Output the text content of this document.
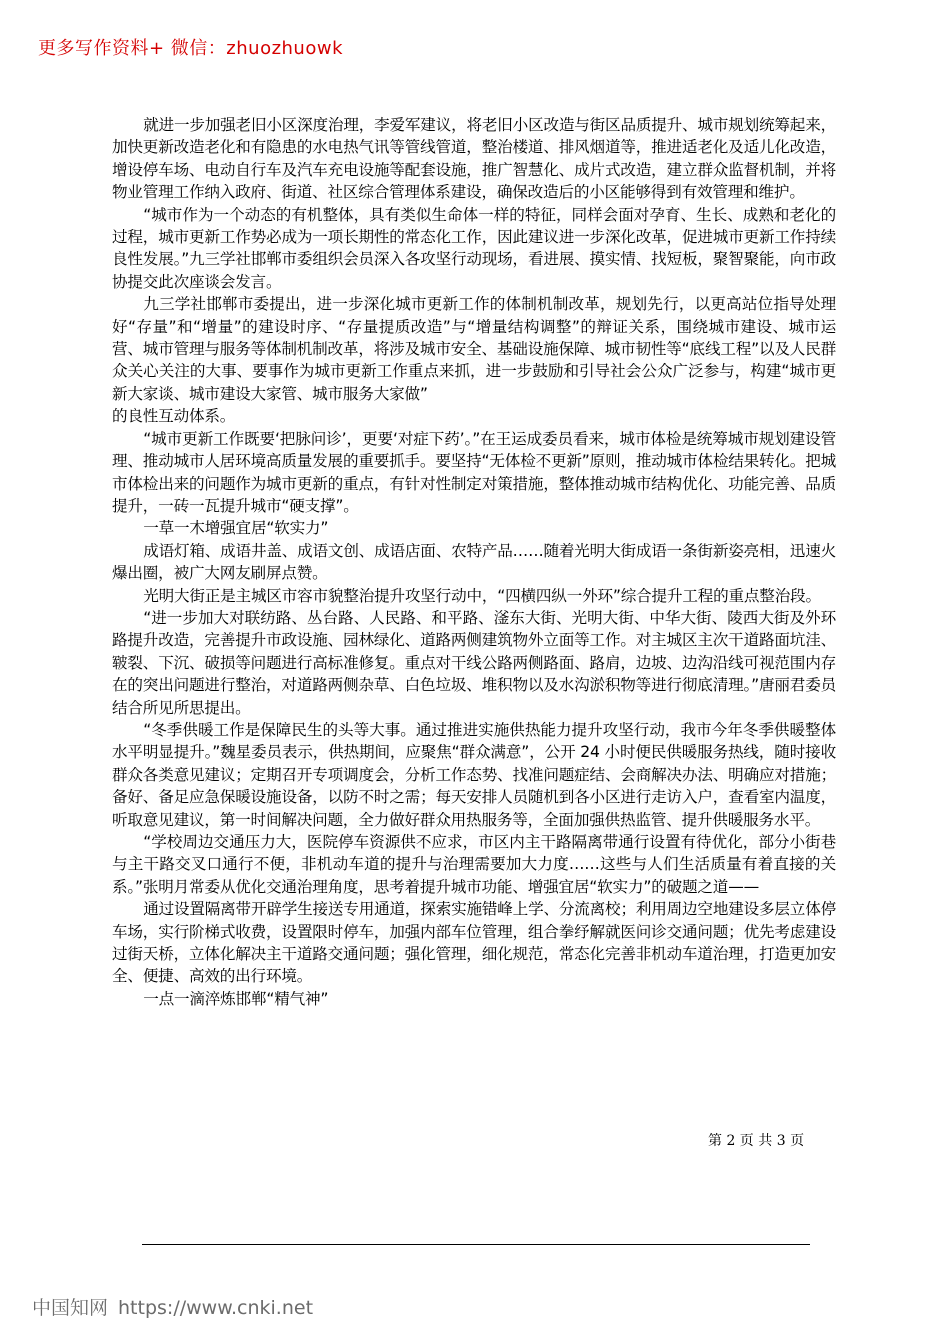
更多写作资料+ 微信：zhuozhuowk

就进一步加强老旧小区深度治理，李爱军建议，将老旧小区改造与街区品质提升、城市规划统筹起来，加快更新改造老化和有隐患的水电热气讯等管线管道，整治楼道、排风烟道等，推进适老化及适儿化改造，增设停车场、电动自行车及汽车充电设施等配套设施，推广智慧化、成片式改造，建立群众监督机制，并将物业管理工作纳入政府、街道、社区综合管理体系建设，确保改造后的小区能够得到有效管理和维护。

“城市作为一个动态的有机整体，具有类似生命体一样的特征，同样会面对孕育、生长、成熟和老化的过程，城市更新工作势必成为一项长期性的常态化工作，因此建议进一步深化改革，促进城市更新工作持续良性发展。”九三学社邯郸市委组织会员深入各攻坚行动现场，看进展、摸实情、找短板，聚智聚能，向市政协提交此次座谈会发言。

九三学社邯郸市委提出，进一步深化城市更新工作的体制机制改革，规划先行，以更高站位指导处理好“存量”和“增量”的建设时序、“存量提质改造”与“增量结构调整”的辩证关系，围绕城市建设、城市运营、城市管理与服务等体制机制改革，将涉及城市安全、基础设施保障、城市韧性等“底线工程”以及人民群众关心关注的大事、要事作为城市更新工作重点来抓，进一步鼓励和引导社会公众广泛参与，构建“城市更新大家谈、城市建设大家管、城市服务大家做”

的良性互动体系。

“城市更新工作既要‘把脉问诊’，更要‘对症下药’。”在王运成委员看来，城市体检是统筹城市规划建设管理、推动城市人居环境高质量发展的重要抓手。要坚持“无体检不更新”原则，推动城市体检结果转化。把城市体检出来的问题作为城市更新的重点，有针对性制定对策措施，整体推动城市结构优化、功能完善、品质提升，一砖一瓦提升城市“硬支撑”。

一草一木增强宜居“软实力”

成语灯箱、成语井盖、成语文创、成语店面、农特产品……随着光明大街成语一条街新姿亮相，迅速火爆出圈，被广大网友刷屏点赞。

光明大街正是主城区市容市貌整治提升攻坚行动中，“四横四纵一外环”综合提升工程的重点整治段。

“进一步加大对联纺路、丛台路、人民路、和平路、滏东大街、光明大街、中华大街、陵西大街及外环路提升改造，完善提升市政设施、园林绿化、道路两侧建筑物外立面等工作。对主城区主次干道路面坑洼、皲裂、下沉、破损等问题进行高标准修复。重点对干线公路两侧路面、路肩，边坡、边沟沿线可视范围内存在的突出问题进行整治，对道路两侧杂草、白色垃圾、堆积物以及水沟淤积物等进行彻底清理。”唐丽君委员结合所见所思提出。

“冬季供暖工作是保障民生的头等大事。通过推进实施供热能力提升攻坚行动，我市今年冬季供暖整体水平明显提升。”魏星委员表示，供热期间，应聚焦“群众满意”，公开 24 小时便民供暖服务热线，随时接收群众各类意见建议；定期召开专项调度会，分析工作态势、找准问题症结、会商解决办法、明确应对措施；备好、备足应急保暖设施设备，以防不时之需；每天安排人员随机到各小区进行走访入户，查看室内温度，听取意见建议，第一时间解决问题，全力做好群众用热服务等，全面加强供热监管、提升供暖服务水平。

“学校周边交通压力大，医院停车资源供不应求，市区内主干路隔离带通行设置有待优化，部分小街巷与主干路交叉口通行不便，非机动车道的提升与治理需要加大力度……这些与人们生活质量有着直接的关系。”张明月常委从优化交通治理角度，思考着提升城市功能、增强宜居“软实力”的破题之道——

通过设置隔离带开辟学生接送专用通道，探索实施错峰上学、分流离校；利用周边空地建设多层立体停车场，实行阶梯式收费，设置限时停车，加强内部车位管理，组合拳纾解就医问诊交通问题；优先考虑建设过街天桥，立体化解决主干道路交通问题；强化管理，细化规范，常态化完善非机动车道治理，打造更加安全、便捷、高效的出行环境。

一点一滴淬炼邯郸“精气神”

第 2 页 共 3 页
中国知网 https://www.cnki.net
